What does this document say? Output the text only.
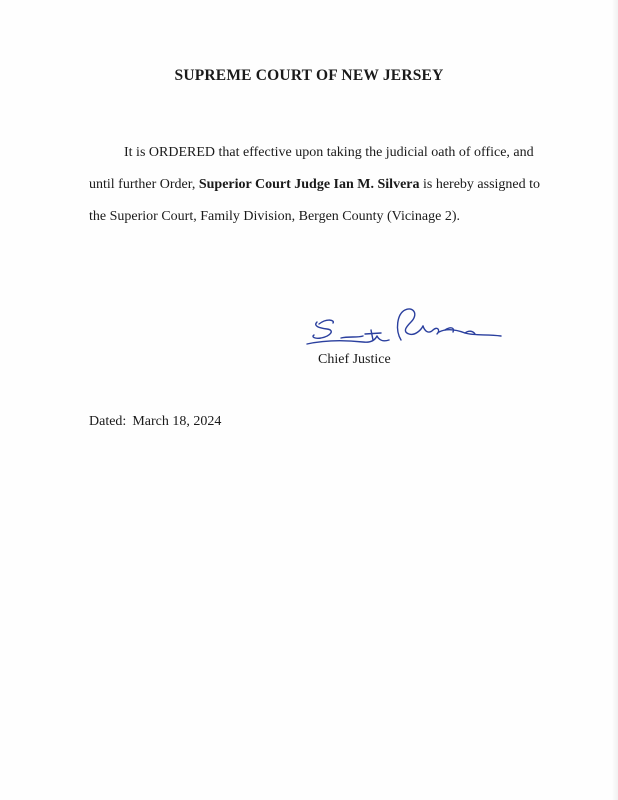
SUPREME COURT OF NEW JERSEY
It is ORDERED that effective upon taking the judicial oath of office, and
until further Order, Superior Court Judge Ian M. Silvera is hereby assigned to
the Superior Court, Family Division, Bergen County (Vicinage 2).
Chief Justice
Dated: March 18, 2024
